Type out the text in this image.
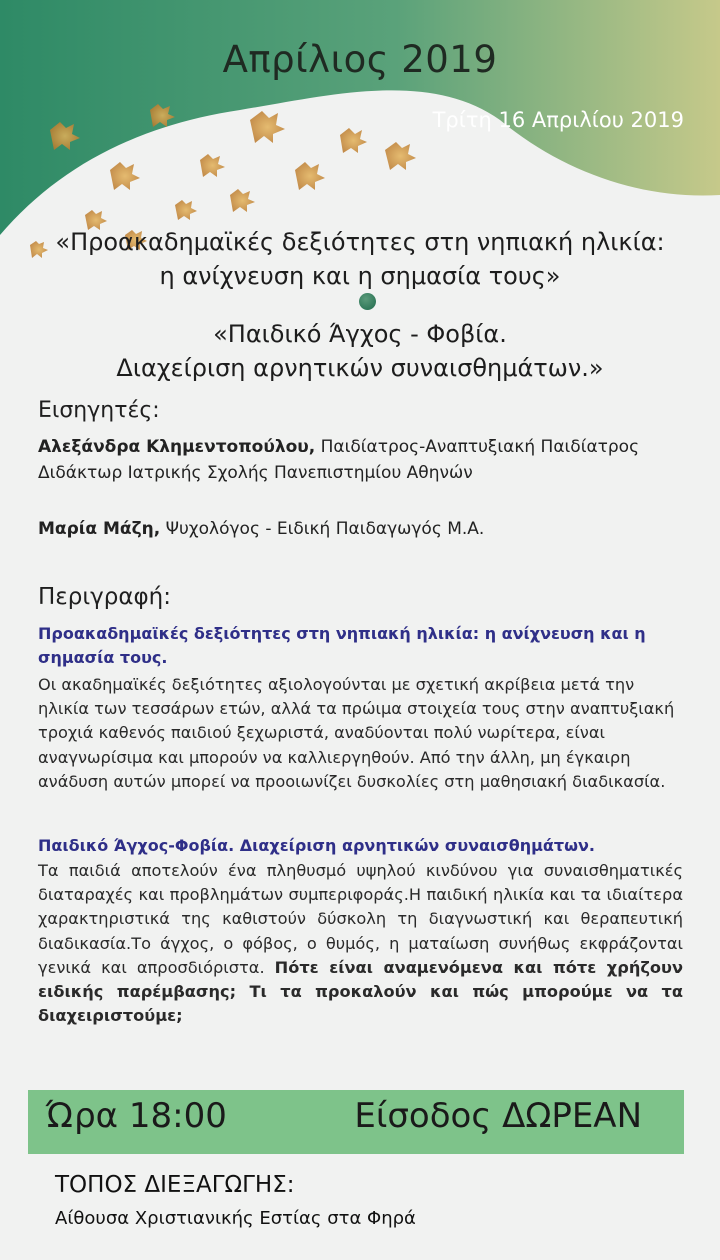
Απρίλιος 2019
Τρίτη 16 Απριλίου 2019
«Προακαδημαϊκές δεξιότητες στη νηπιακή ηλικία:
η ανίχνευση και η σημασία τους»
«Παιδικό Άγχος - Φοβία.
Διαχείριση αρνητικών συναισθημάτων.»
Εισηγητές:
Αλεξάνδρα Κλημεντοπούλου, Παιδίατρος-Αναπτυξιακή Παιδίατρος Διδάκτωρ Ιατρικής Σχολής Πανεπιστημίου Αθηνών
Μαρία Μάζη, Ψυχολόγος - Ειδική Παιδαγωγός Μ.Α.
Περιγραφή:
Προακαδημαϊκές δεξιότητες στη νηπιακή ηλικία: η ανίχνευση και η σημασία τους.
Οι ακαδημαϊκές δεξιότητες αξιολογούνται με σχετική ακρίβεια μετά την ηλικία των τεσσάρων ετών, αλλά τα πρώιμα στοιχεία τους στην αναπτυξιακή τροχιά καθενός παιδιού ξεχωριστά, αναδύονται πολύ νωρίτερα, είναι αναγνωρίσιμα και μπορούν να καλλιεργηθούν. Από την άλλη, μη έγκαιρη ανάδυση αυτών μπορεί να προοιωνίζει δυσκολίες στη μαθησιακή διαδικασία.
Παιδικό Άγχος-Φοβία. Διαχείριση αρνητικών συναισθημάτων.
Τα παιδιά αποτελούν ένα πληθυσμό υψηλού κινδύνου για συναισθηματικές διαταραχές και προβλημάτων συμπεριφοράς.Η παιδική ηλικία και τα ιδιαίτερα χαρακτηριστικά της καθιστούν δύσκολη τη διαγνωστική και θεραπευτική διαδικασία.Το άγχος, ο φόβος, ο θυμός, η ματαίωση συνήθως εκφράζονται γενικά και απροσδιόριστα. Πότε είναι αναμενόμενα και πότε χρήζουν ειδικής παρέμβασης; Τι τα προκαλούν και πώς μπορούμε να τα διαχειριστούμε;
Ώρα 18:00	Είσοδος ΔΩΡΕΑΝ
ΤΟΠΟΣ ΔΙΕΞΑΓΩΓΗΣ:
Αίθουσα Χριστιανικής Εστίας στα Φηρά
